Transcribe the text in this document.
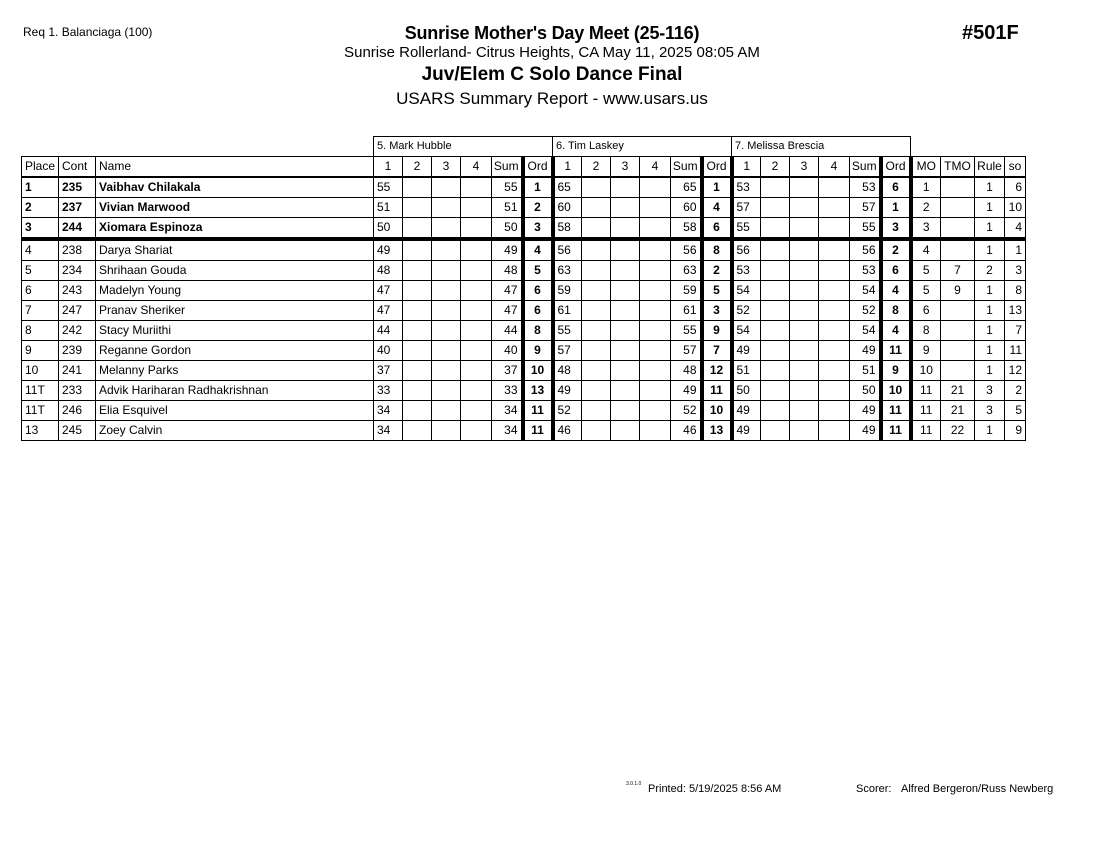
Req 1. Balanciaga (100)	Sunrise Mother's Day Meet (25-116)
Sunrise Rollerland- Citrus Heights, CA May 11, 2025 08:05 AM
Juv/Elem C Solo Dance Final
USARS Summary Report - www.usars.us
#501F
			5. Mark Hubble						6. Tim Laskey						7. Melissa Brescia									
Place	Cont	Name	1	2	3	4	Sum	Ord	1	2	3	4	Sum	Ord	1	2	3	4	Sum	Ord	MO	TMO	Rule	so
1	235	Vaibhav Chilakala	55				55	1	65				65	1	53				53	6	1		1	6
2	237	Vivian Marwood	51				51	2	60				60	4	57				57	1	2		1	10
3	244	Xiomara Espinoza	50				50	3	58				58	6	55				55	3	3		1	4
4	238	Darya Shariat	49				49	4	56				56	8	56				56	2	4		1	1
5	234	Shrihaan Gouda	48				48	5	63				63	2	53				53	6	5	7	2	3
6	243	Madelyn Young	47				47	6	59				59	5	54				54	4	5	9	1	8
7	247	Pranav Sheriker	47				47	6	61				61	3	52				52	8	6		1	13
8	242	Stacy Muriithi	44				44	8	55				55	9	54				54	4	8		1	7
9	239	Reganne Gordon	40				40	9	57				57	7	49				49	11	9		1	11
10	241	Melanny Parks	37				37	10	48				48	12	51				51	9	10		1	12
11T	233	Advik Hariharan Radhakrishnan	33				33	13	49				49	11	50				50	10	11	21	3	2
11T	246	Elia Esquivel	34				34	11	52				52	10	49				49	11	11	21	3	5
13	245	Zoey Calvin	34				34	11	46				46	13	49				49	11	11	22	1	9
3.0.1.0 Printed: 5/19/2025 8:56 AM	Scorer: Alfred Bergeron/Russ Newberg
